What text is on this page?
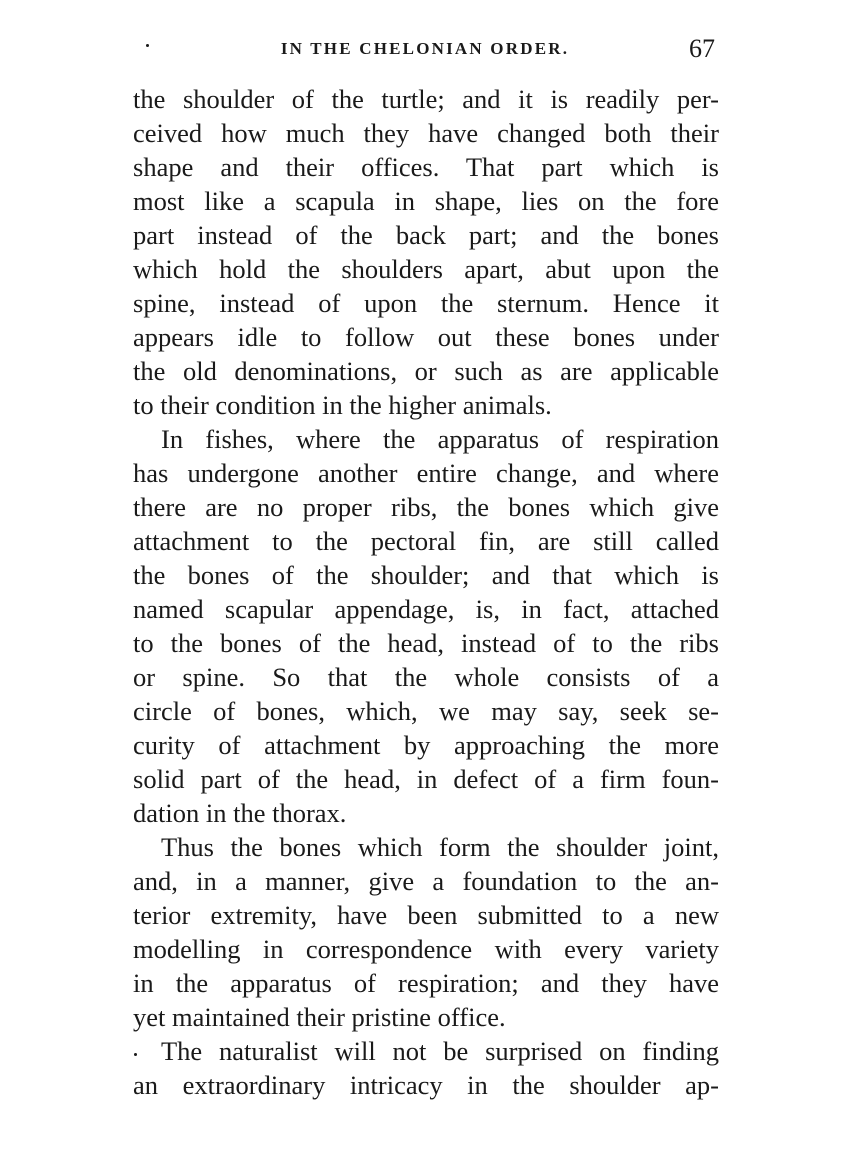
IN THE CHELONIAN ORDER.	67
the shoulder of the turtle; and it is readily per-
ceived how much they have changed both their
shape and their offices. That part which is
most like a scapula in shape, lies on the fore
part instead of the back part; and the bones
which hold the shoulders apart, abut upon the
spine, instead of upon the sternum. Hence it
appears idle to follow out these bones under
the old denominations, or such as are applicable
to their condition in the higher animals.
In fishes, where the apparatus of respiration
has undergone another entire change, and where
there are no proper ribs, the bones which give
attachment to the pectoral fin, are still called
the bones of the shoulder; and that which is
named scapular appendage, is, in fact, attached
to the bones of the head, instead of to the ribs
or spine. So that the whole consists of a
circle of bones, which, we may say, seek se-
curity of attachment by approaching the more
solid part of the head, in defect of a firm foun-
dation in the thorax.
Thus the bones which form the shoulder joint,
and, in a manner, give a foundation to the an-
terior extremity, have been submitted to a new
modelling in correspondence with every variety
in the apparatus of respiration; and they have
yet maintained their pristine office.
The naturalist will not be surprised on finding
an extraordinary intricacy in the shoulder ap-
